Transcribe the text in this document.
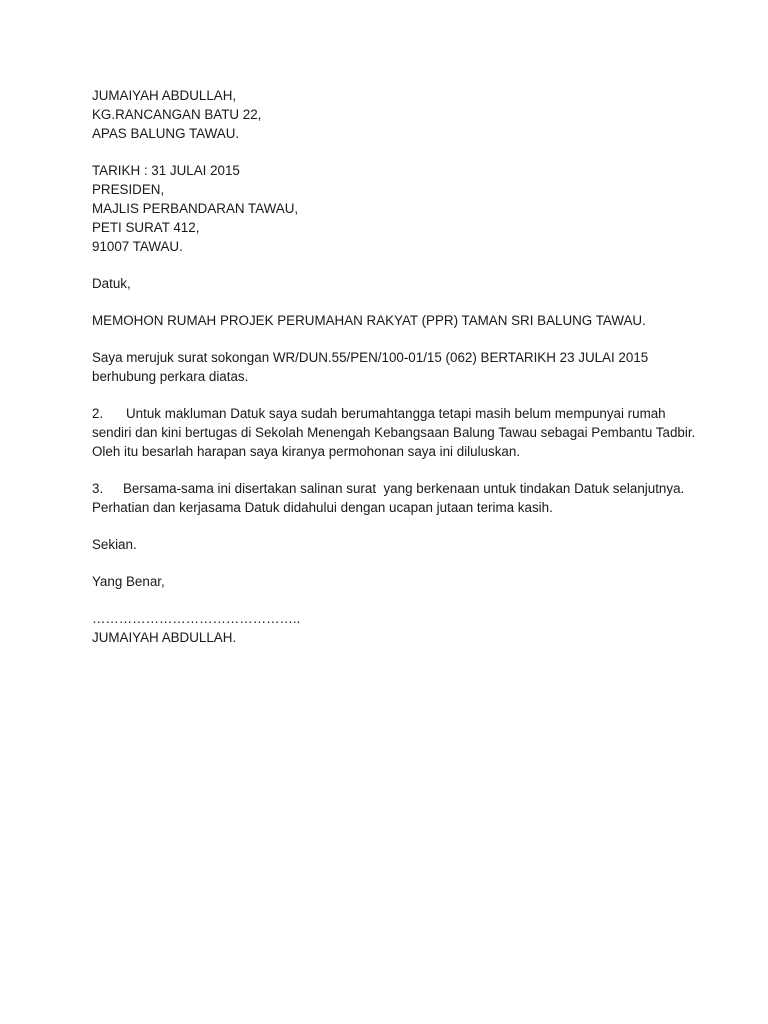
JUMAIYAH ABDULLAH,
KG.RANCANGAN BATU 22,
APAS BALUNG TAWAU.
TARIKH : 31 JULAI 2015
PRESIDEN,
MAJLIS PERBANDARAN TAWAU,
PETI SURAT 412,
91007 TAWAU.
Datuk,
MEMOHON RUMAH PROJEK PERUMAHAN RAKYAT (PPR) TAMAN SRI BALUNG TAWAU.
Saya merujuk surat sokongan WR/DUN.55/PEN/100-01/15 (062) BERTARIKH 23 JULAI 2015
berhubung perkara diatas.
2. Untuk makluman Datuk saya sudah berumahtangga tetapi masih belum mempunyai rumah
sendiri dan kini bertugas di Sekolah Menengah Kebangsaan Balung Tawau sebagai Pembantu Tadbir.
Oleh itu besarlah harapan saya kiranya permohonan saya ini diluluskan.
3. Bersama-sama ini disertakan salinan surat  yang berkenaan untuk tindakan Datuk selanjutnya.
Perhatian dan kerjasama Datuk didahului dengan ucapan jutaan terima kasih.
Sekian.
Yang Benar,
………………………………………..
JUMAIYAH ABDULLAH.
